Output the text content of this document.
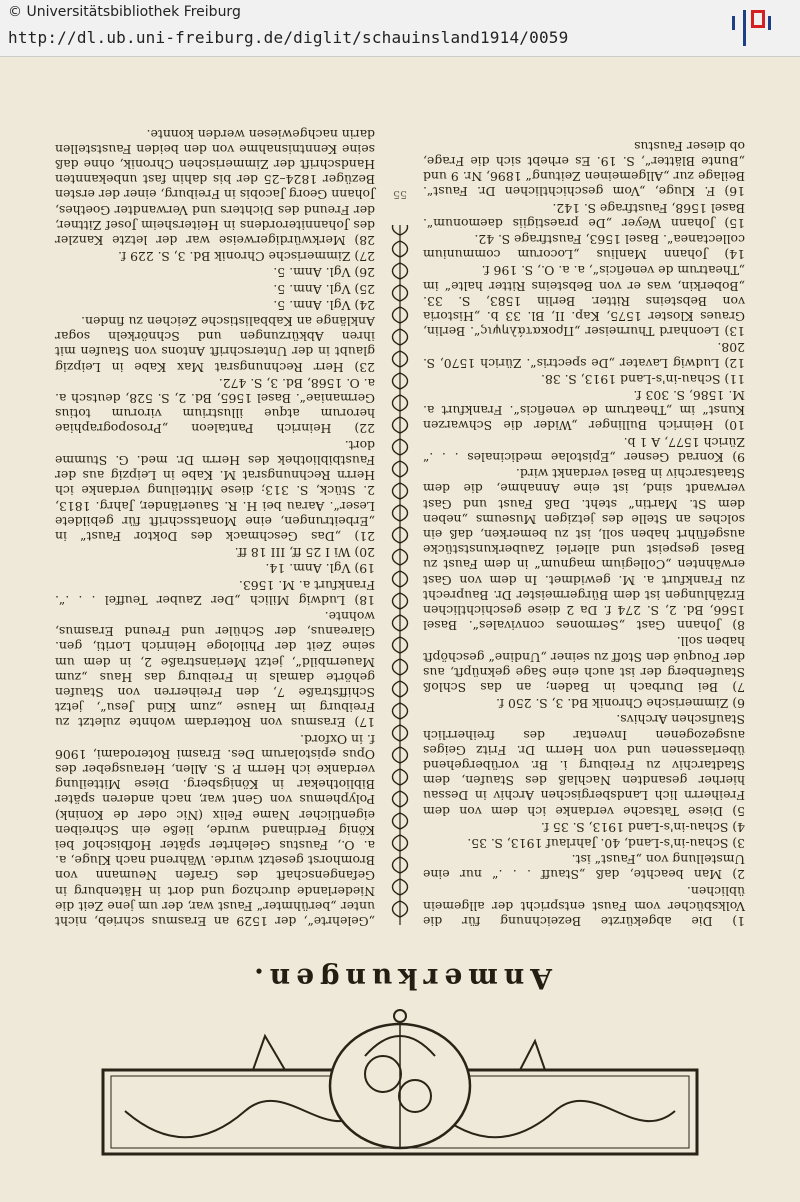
© Universitätsbibliothek Freiburg
http://dl.ub.uni-freiburg.de/diglit/schauinsland1914/0059
Anmerkungen.

1) Die abgekürzte Bezeichnung für die Volksbücher vom Faust entspricht der allgemein üblichen.

2) Man beachte, daß „Stauff . . .“ nur eine Umstellung von „Faust“ ist.

3) Schau-in's-Land, 40. Jahrlauf 1913, S. 35.

4) Schau-in's-Land 1913, S. 35 f.

5) Diese Tatsache verdanke ich dem von dem Freiherrn lich Landsbergischen Archiv in Dessau hierher gesandten Nachlaß des Staufen, dem Stadtarchiv zu Freiburg i. Br. vorübergehend überlassenen und von Herrn Dr. Fritz Geiges ausgezogenen Inventar des freiherrlich Staufischen Archivs.

6) Zimmerische Chronik Bd. 3, S. 250 f.

7) Bei Durbach in Baden; an das Schloß Staufenberg der ist auch eine Sage geknüpft, aus der Fouqué den Stoff zu seiner „Undine“ geschöpft haben soll.

8) Johann Gast „Sermones convivales“. Basel 1566, Bd. 2, S. 274 f. Da 2 diese geschichtlichen Erzählungen ist dem Bürgermeister Dr. Bauprecht zu Frankfurt a. M. gewidmet. In dem von Gast erwähnten „Collegium magnum“ in dem Faust zu Basel gespeist und allerlei Zauberkunststücke ausgeführt haben soll, ist zu bemerken, daß ein solches an Stelle des jetzigen Museums „neben dem St. Martin“ steht. Daß Faust und Gast verwandt sind, ist eine Annahme, die dem Staatsarchiv in Basel verdankt wird.

9) Konrad Gesner „Epistolae medicinales . . .“ Zürich 1577, A 1 b.

10) Heinrich Bullinger „Wider die Schwarzen Kunst“ im „Theatrum de veneficis“. Frankfurt a. M. 1586, S. 303 f.

11) Schau-in's-Land 1913, S. 38.

12) Ludwig Lavater „De spectris“. Zürich 1570, S. 208.

13) Leonhard Thurneiser „Προκατάληψις“. Berlin, Graues Kloster 1575, Kap. II, Bl. 33 b. „Historia von Bebsteins Ritter. Berlin 1583, S. 33. „Boberkin, was er von Bebsteins Ritter halte“ im „Theatrum de veneficis“, a. a. O., S. 196 f.

14) Johann Manlius „Locorum communium collectanea“. Basel 1563, Faustfrage S. 42.

15) Johann Weyer „De praestigiis daemonum“. Basel 1568, Faustfrage S. 142.

16) F. Kluge, „Vom geschichtlichen Dr. Faust“. Beilage zur „Allgemeinen Zeitung“ 1896, Nr. 9 und „Bunte Blätter“, S. 19. Es erhebt sich die Frage, ob dieser Faustus

„Gelehrte“, der 1529 an Erasmus schrieb, nicht unter „berühmter“ Faust war, der um jene Zeit die Niederlande durchzog und dort in Hätenburg in Gefangenschaft des Grafen Neumann von Bromhorst gesetzt wurde. Während nach Kluge, a. a. O., Faustus Gelehrter später Hofbischof bei König Ferdinand wurde, ließe ein Schreiben eigentlicher Name Felix (Nic oder de Konink) Polyphemus von Gent war, nach anderen später Bibliothekar in Königsberg. Diese Mitteilung verdanke ich Herrn P. S. Allen, Herausgeber des Opus epistolarum Des. Erasmi Roterodami, 1906 f. in Oxford.

17) Erasmus von Rotterdam wohnte zuletzt zu Freiburg im Hause „zum Kind Jesu“, jetzt Schiffstraße 7, den Freiherren von Staufen gehörte damals in Freiburg das Haus „zum Mauernbild“, jetzt Merianstraße 2, in dem um seine Zeit der Philologe Heinrich Loriti, gen. Glareanus, der Schüler und Freund Erasmus, wohnte.

18) Ludwig Milich „Der Zauber Teuffel . . .“. Frankfurt a. M. 1563.

19) Vgl. Anm. 14.

20) Wi I 25 ff, III 18 ff.

21) „Das Geschmack des Doktor Faust“ in „Erbeitrungen, eine Monatsschrift für gebildete Leser“. Aarau bei H. R. Sauerländer, Jahrg. 1813, 2. Stück, S. 313; diese Mitteilung verdanke ich Herrn Rechnungsrat M. Kabe in Leipzig aus der Faustbibliothek des Herrn Dr. med. G. Stumme dort.

22) Heinrich Pantaleon „Prosopographiae herorum atque illustrium virorum totius Germaniae“. Basel 1565, Bd. 2, S. 528, deutsch a. a. O. 1568, Bd. 3, S. 472.

23) Herr Rechnungsrat Max Kabe in Leipzig glaubt in der Unterschrift Antons von Staufen mit ihren Abkürzungen und Schnörkeln sogar Anklänge an Kabbalistische Zeichen zu finden.

24) Vgl. Anm. 5.

25) Vgl. Anm. 5.

26) Vgl. Anm. 5.

27) Zimmerische Chronik Bd. 3, S. 229 f.

28) Merkwürdigerweise war der letzte Kanzler des Johanniterordens in Heitersheim Josef Zittner, der Freund des Dichters und Verwandter Goethes, Johann Georg Jacobis in Freiburg, einer der ersten Bezüger 1824–25 der bis dahin fast unbekannten Handschrift der Zimmerischen Chronik, ohne daß seine Kenntnisnahme von den beiden Fauststellen darin nachgewiesen werden konnte.

55
